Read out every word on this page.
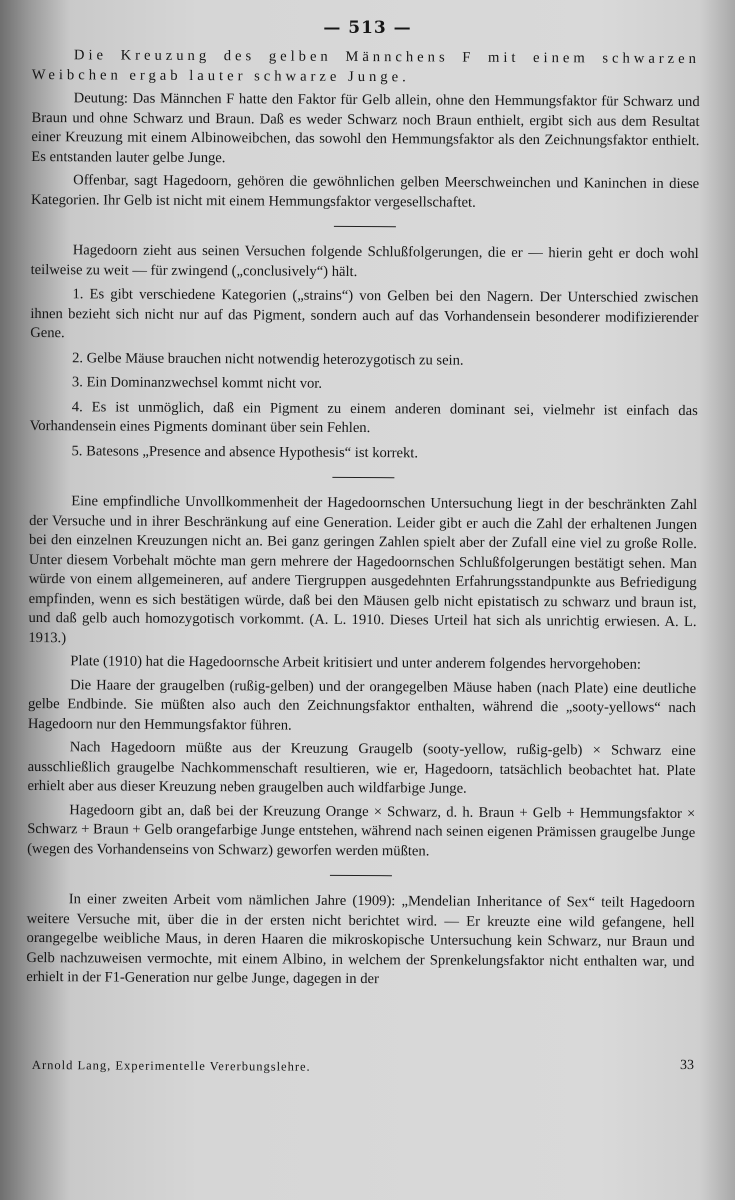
— 513 —

Die Kreuzung des gelben Männchens F mit einem schwarzen Weibchen ergab lauter schwarze Junge.

Deutung: Das Männchen F hatte den Faktor für Gelb allein, ohne den Hemmungsfaktor für Schwarz und Braun und ohne Schwarz und Braun. Daß es weder Schwarz noch Braun enthielt, ergibt sich aus dem Resultat einer Kreuzung mit einem Albinoweibchen, das sowohl den Hemmungsfaktor als den Zeichnungsfaktor enthielt. Es entstanden lauter gelbe Junge.

Offenbar, sagt Hagedoorn, gehören die gewöhnlichen gelben Meerschweinchen und Kaninchen in diese Kategorien. Ihr Gelb ist nicht mit einem Hemmungsfaktor vergesellschaftet.

Hagedoorn zieht aus seinen Versuchen folgende Schlußfolgerungen, die er — hierin geht er doch wohl teilweise zu weit — für zwingend („conclusively“) hält.

1. Es gibt verschiedene Kategorien („strains“) von Gelben bei den Nagern. Der Unterschied zwischen ihnen bezieht sich nicht nur auf das Pigment, sondern auch auf das Vorhandensein besonderer modifizierender Gene.

2. Gelbe Mäuse brauchen nicht notwendig heterozygotisch zu sein.

3. Ein Dominanzwechsel kommt nicht vor.

4. Es ist unmöglich, daß ein Pigment zu einem anderen dominant sei, vielmehr ist einfach das Vorhandensein eines Pigments dominant über sein Fehlen.

5. Batesons „Presence and absence Hypothesis“ ist korrekt.

Eine empfindliche Unvollkommenheit der Hagedoornschen Untersuchung liegt in der beschränkten Zahl der Versuche und in ihrer Beschränkung auf eine Generation. Leider gibt er auch die Zahl der erhaltenen Jungen bei den einzelnen Kreuzungen nicht an. Bei ganz geringen Zahlen spielt aber der Zufall eine viel zu große Rolle. Unter diesem Vorbehalt möchte man gern mehrere der Hagedoornschen Schlußfolgerungen bestätigt sehen. Man würde von einem allgemeineren, auf andere Tiergruppen ausgedehnten Erfahrungsstandpunkte aus Befriedigung empfinden, wenn es sich bestätigen würde, daß bei den Mäusen gelb nicht epistatisch zu schwarz und braun ist, und daß gelb auch homozygotisch vorkommt. (A. L. 1910. Dieses Urteil hat sich als unrichtig erwiesen. A. L. 1913.)

Plate (1910) hat die Hagedoornsche Arbeit kritisiert und unter anderem folgendes hervorgehoben:

Die Haare der graugelben (rußig-gelben) und der orangegelben Mäuse haben (nach Plate) eine deutliche gelbe Endbinde. Sie müßten also auch den Zeichnungsfaktor enthalten, während die „sooty-yellows“ nach Hagedoorn nur den Hemmungsfaktor führen.

Nach Hagedoorn müßte aus der Kreuzung Graugelb (sooty-yellow, rußig-gelb) × Schwarz eine ausschließlich graugelbe Nachkommenschaft resultieren, wie er, Hagedoorn, tatsächlich beobachtet hat. Plate erhielt aber aus dieser Kreuzung neben graugelben auch wildfarbige Junge.

Hagedoorn gibt an, daß bei der Kreuzung Orange × Schwarz, d. h. Braun + Gelb + Hemmungsfaktor × Schwarz + Braun + Gelb orangefarbige Junge entstehen, während nach seinen eigenen Prämissen graugelbe Junge (wegen des Vorhandenseins von Schwarz) geworfen werden müßten.

In einer zweiten Arbeit vom nämlichen Jahre (1909): „Mendelian Inheritance of Sex“ teilt Hagedoorn weitere Versuche mit, über die in der ersten nicht berichtet wird. — Er kreuzte eine wild gefangene, hell orangegelbe weibliche Maus, in deren Haaren die mikroskopische Untersuchung kein Schwarz, nur Braun und Gelb nachzuweisen vermochte, mit einem Albino, in welchem der Sprenkelungsfaktor nicht enthalten war, und erhielt in der F1-Generation nur gelbe Junge, dagegen in der

33
Arnold Lang, Experimentelle Vererbungslehre.
